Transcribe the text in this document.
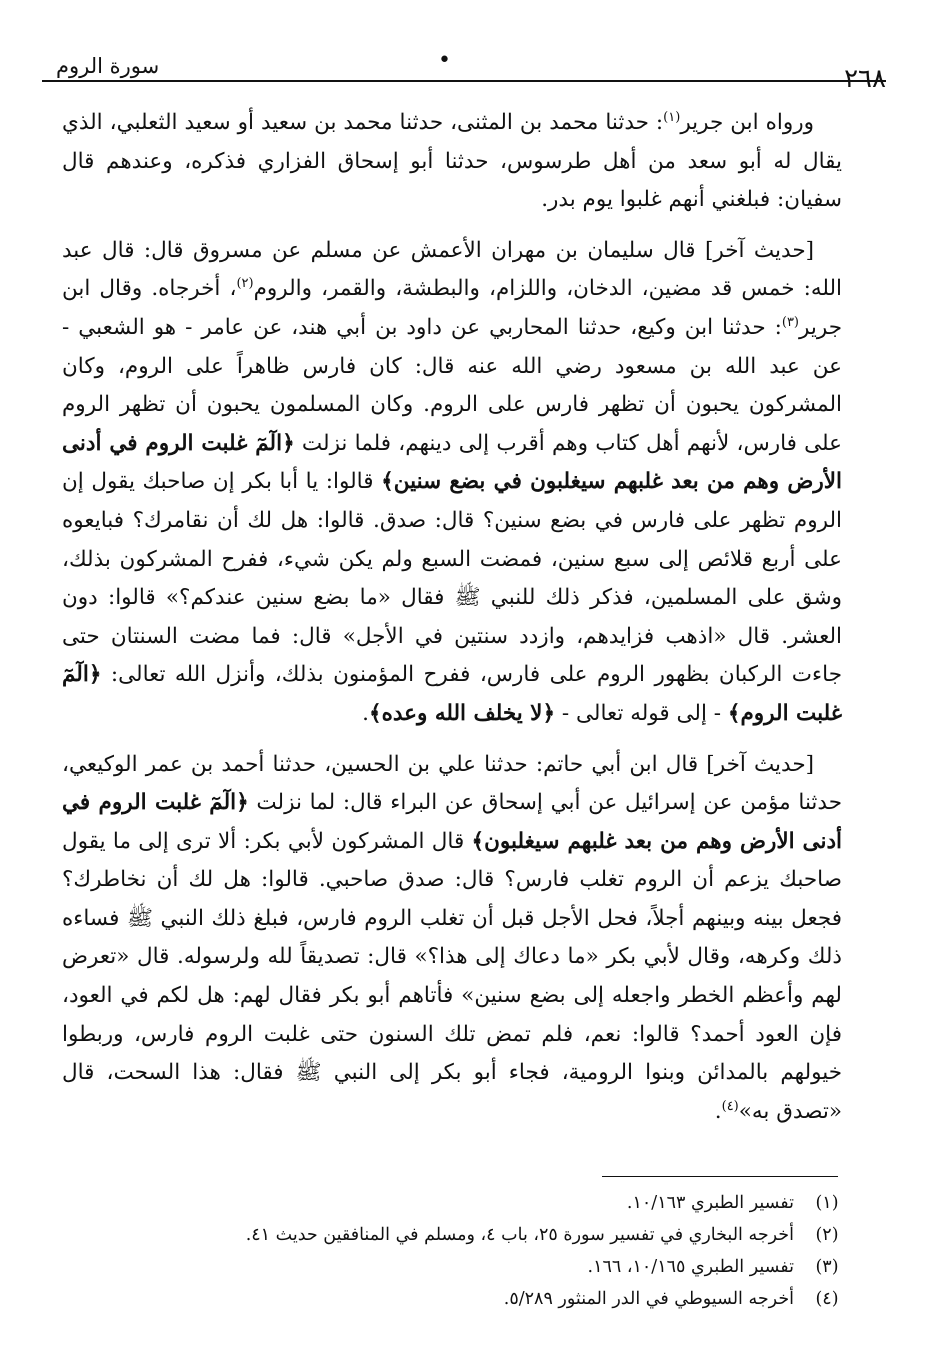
٢٦٨
•
سورة الروم

ورواه ابن جرير$^{(١)}$: حدثنا محمد بن المثنى، حدثنا محمد بن سعيد أو سعيد الثعلبي، الذي يقال له أبو سعد من أهل طرسوس، حدثنا أبو إسحاق الفزاري فذكره، وعندهم قال سفيان: فبلغني أنهم غلبوا يوم بدر.

[حديث آخر] قال سليمان بن مهران الأعمش عن مسلم عن مسروق قال: قال عبد الله: خمس قد مضين، الدخان، واللزام، والبطشة، والقمر، والروم$^{(٢)}$، أخرجاه. وقال ابن جرير$^{(٣)}$: حدثنا ابن وكيع، حدثنا المحاربي عن داود بن أبي هند، عن عامر - هو الشعبي - عن عبد الله بن مسعود رضي الله عنه قال: كان فارس ظاهراً على الروم، وكان المشركون يحبون أن تظهر فارس على الروم. وكان المسلمون يحبون أن تظهر الروم على فارس، لأنهم أهل كتاب وهم أقرب إلى دينهم، فلما نزلت ﴿الٓمٓ غلبت الروم في أدنى الأرض وهم من بعد غلبهم سيغلبون في بضع سنين﴾ قالوا: يا أبا بكر إن صاحبك يقول إن الروم تظهر على فارس في بضع سنين؟ قال: صدق. قالوا: هل لك أن نقامرك؟ فبايعوه على أربع قلائص إلى سبع سنين، فمضت السبع ولم يكن شيء، ففرح المشركون بذلك، وشق على المسلمين، فذكر ذلك للنبي ﷺ فقال «ما بضع سنين عندكم؟» قالوا: دون العشر. قال «اذهب فزايدهم، وازدد سنتين في الأجل» قال: فما مضت السنتان حتى جاءت الركبان بظهور الروم على فارس، ففرح المؤمنون بذلك، وأنزل الله تعالى: ﴿الٓمٓ غلبت الروم﴾ - إلى قوله تعالى - ﴿لا يخلف الله وعده﴾.

[حديث آخر] قال ابن أبي حاتم: حدثنا علي بن الحسين، حدثنا أحمد بن عمر الوكيعي، حدثنا مؤمن عن إسرائيل عن أبي إسحاق عن البراء قال: لما نزلت ﴿الٓمٓ غلبت الروم في أدنى الأرض وهم من بعد غلبهم سيغلبون﴾ قال المشركون لأبي بكر: ألا ترى إلى ما يقول صاحبك يزعم أن الروم تغلب فارس؟ قال: صدق صاحبي. قالوا: هل لك أن نخاطرك؟ فجعل بينه وبينهم أجلاً، فحل الأجل قبل أن تغلب الروم فارس، فبلغ ذلك النبي ﷺ فساءه ذلك وكرهه، وقال لأبي بكر «ما دعاك إلى هذا؟» قال: تصديقاً لله ولرسوله. قال «تعرض لهم وأعظم الخطر واجعله إلى بضع سنين» فأتاهم أبو بكر فقال لهم: هل لكم في العود، فإن العود أحمد؟ قالوا: نعم، فلم تمض تلك السنون حتى غلبت الروم فارس، وربطوا خيولهم بالمدائن وبنوا الرومية، فجاء أبو بكر إلى النبي ﷺ فقال: هذا السحت، قال «تصدق به»$^{(٤)}$.

(١)
تفسير الطبري ١٠/١٦٣.
(٢)
أخرجه البخاري في تفسير سورة ٢٥، باب ٤، ومسلم في المنافقين حديث ٤١.
(٣)
تفسير الطبري ١٠/١٦٥، ١٦٦.
(٤)
أخرجه السيوطي في الدر المنثور ٥/٢٨٩.
